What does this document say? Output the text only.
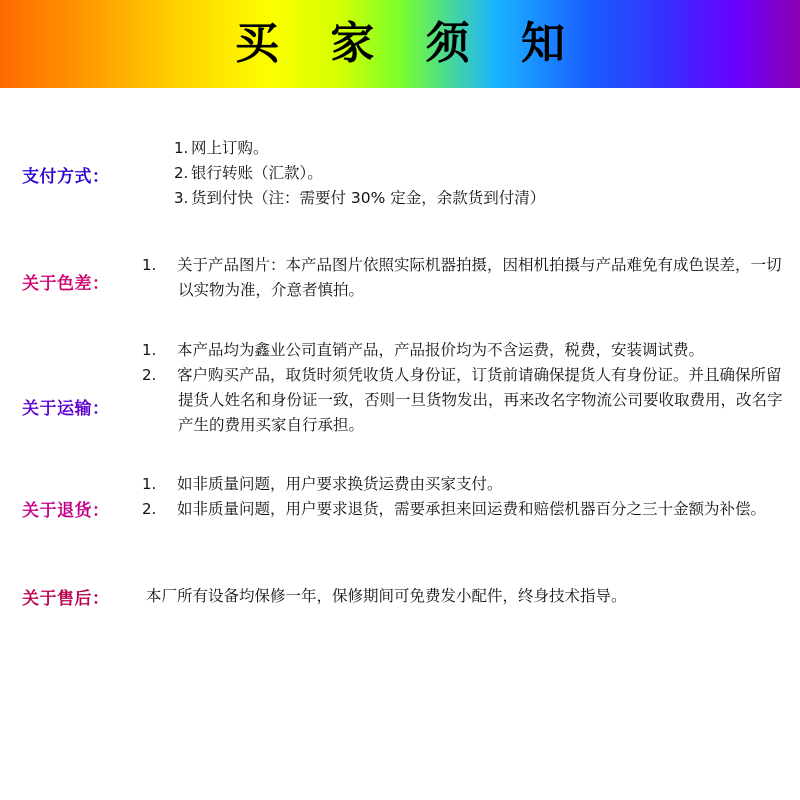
买 家 须 知
支付方式：
1. 网上订购。
2. 银行转账（汇款）。
3. 货到付快（注：需要付 30% 定金，余款货到付清）
关于色差：
1. 关于产品图片：本产品图片依照实际机器拍摄，因相机拍摄与产品难免有成色误差，一切以实物为准，介意者慎拍。
关于运输：
1. 本产品均为鑫业公司直销产品，产品报价均为不含运费，税费，安装调试费。
2. 客户购买产品，取货时须凭收货人身份证，订货前请确保提货人有身份证。并且确保所留提货人姓名和身份证一致，否则一旦货物发出，再来改名字物流公司要收取费用，改名字产生的费用买家自行承担。
关于退货：
1. 如非质量问题，用户要求换货运费由买家支付。
2. 如非质量问题，用户要求退货，需要承担来回运费和赔偿机器百分之三十金额为补偿。
关于售后：	本厂所有设备均保修一年，保修期间可免费发小配件，终身技术指导。
